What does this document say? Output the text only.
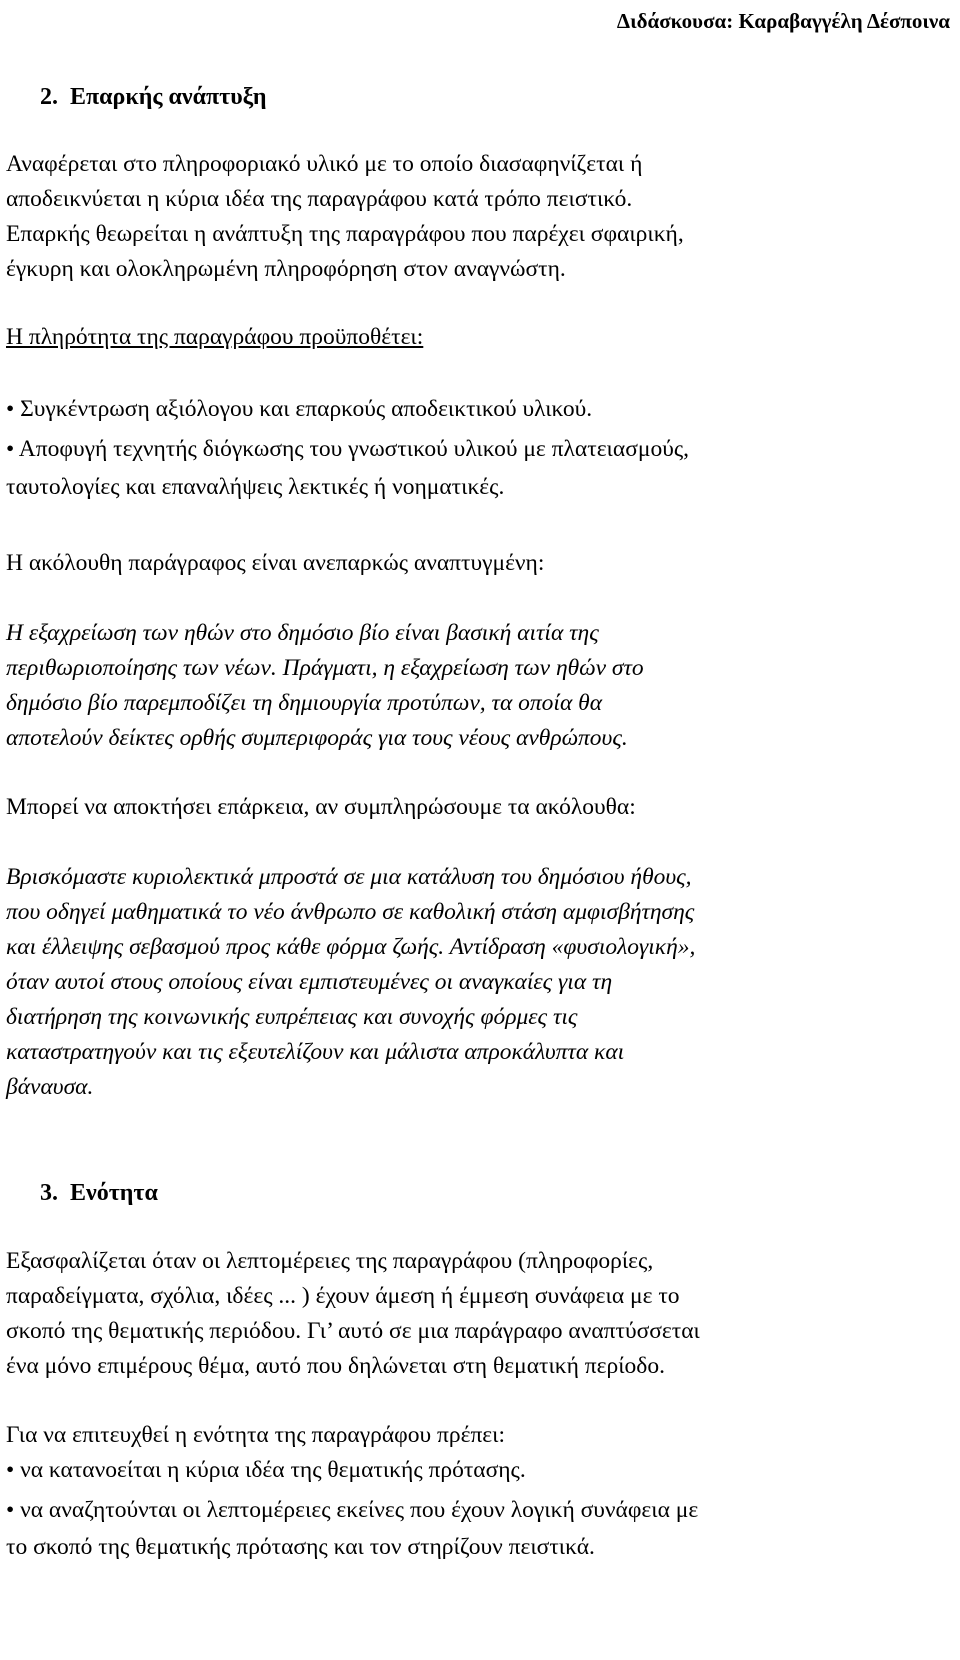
Διδάσκουσα: Καραβαγγέλη Δέσποινα
2. Επαρκής ανάπτυξη
Αναφέρεται στο πληροφοριακό υλικό με το οποίο διασαφηνίζεται ή
αποδεικνύεται η κύρια ιδέα της παραγράφου κατά τρόπο πειστικό.
Επαρκής θεωρείται η ανάπτυξη της παραγράφου που παρέχει σφαιρική,
έγκυρη και ολοκληρωμένη πληροφόρηση στον αναγνώστη.
Η πληρότητα της παραγράφου προϋποθέτει:
• Συγκέντρωση αξιόλογου και επαρκούς αποδεικτικού υλικού.
• Αποφυγή τεχνητής διόγκωσης του γνωστικού υλικού με πλατειασμούς,
ταυτολογίες και επαναλήψεις λεκτικές ή νοηματικές.
Η ακόλουθη παράγραφος είναι ανεπαρκώς αναπτυγμένη:
Η εξαχρείωση των ηθών στο δημόσιο βίο είναι βασική αιτία της
περιθωριοποίησης των νέων. Πράγματι, η εξαχρείωση των ηθών στο
δημόσιο βίο παρεμποδίζει τη δημιουργία προτύπων, τα οποία θα
αποτελούν δείκτες ορθής συμπεριφοράς για τους νέους ανθρώπους.
Μπορεί να αποκτήσει επάρκεια, αν συμπληρώσουμε τα ακόλουθα:
Βρισκόμαστε κυριολεκτικά μπροστά σε μια κατάλυση του δημόσιου ήθους,
που οδηγεί μαθηματικά το νέο άνθρωπο σε καθολική στάση αμφισβήτησης
και έλλειψης σεβασμού προς κάθε φόρμα ζωής. Αντίδραση «φυσιολογική»,
όταν αυτοί στους οποίους είναι εμπιστευμένες οι αναγκαίες για τη
διατήρηση της κοινωνικής ευπρέπειας και συνοχής φόρμες τις
καταστρατηγούν και τις εξευτελίζουν και μάλιστα απροκάλυπτα και
βάναυσα.
3. Ενότητα
Εξασφαλίζεται όταν οι λεπτομέρειες της παραγράφου (πληροφορίες,
παραδείγματα, σχόλια, ιδέες ... ) έχουν άμεση ή έμμεση συνάφεια με το
σκοπό της θεματικής περιόδου. Γι’ αυτό σε μια παράγραφο αναπτύσσεται
ένα μόνο επιμέρους θέμα, αυτό που δηλώνεται στη θεματική περίοδο.
Για να επιτευχθεί η ενότητα της παραγράφου πρέπει:
• να κατανοείται η κύρια ιδέα της θεματικής πρότασης.
• να αναζητούνται οι λεπτομέρειες εκείνες που έχουν λογική συνάφεια με
το σκοπό της θεματικής πρότασης και τον στηρίζουν πειστικά.
